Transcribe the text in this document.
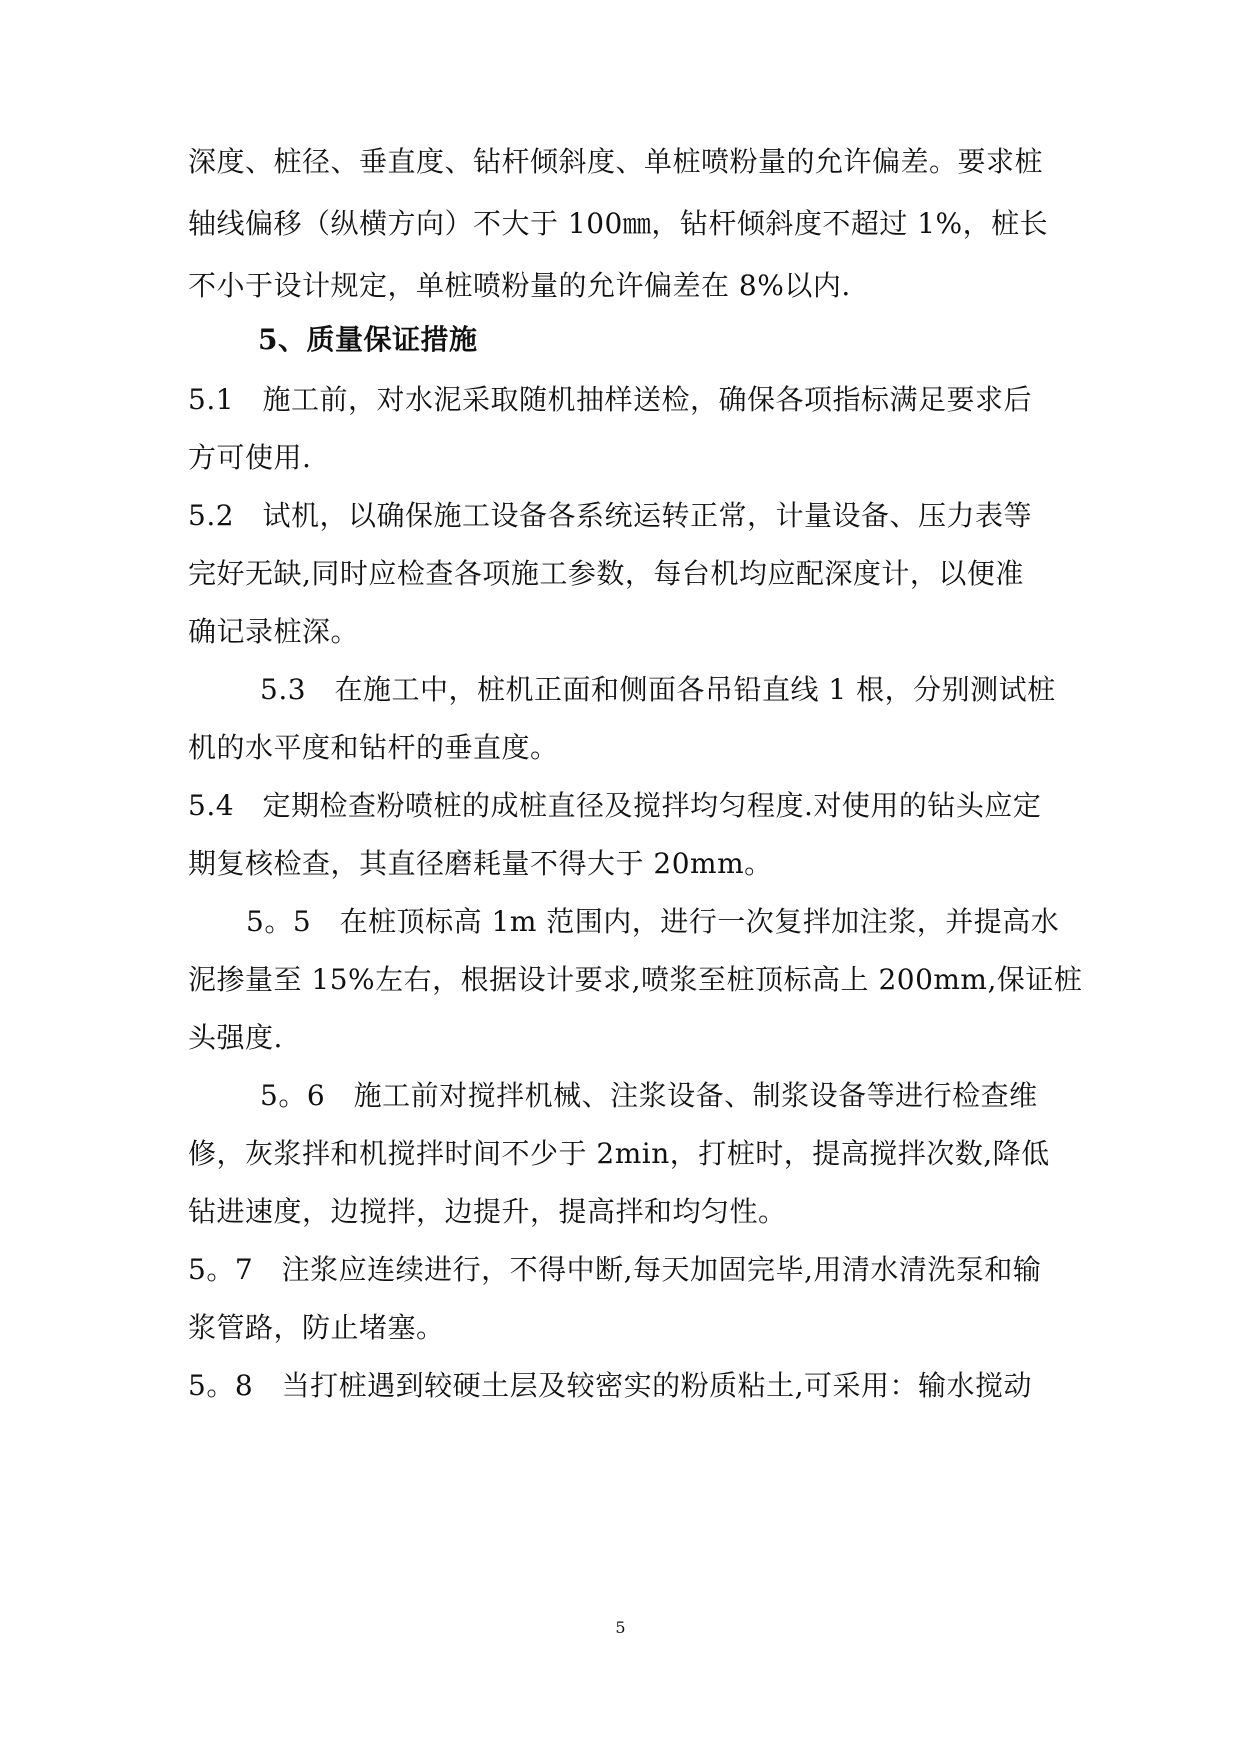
深度、桩径、垂直度、钻杆倾斜度、单桩喷粉量的允许偏差。要求桩
轴线偏移（纵横方向）不大于 100㎜，钻杆倾斜度不超过 1%，桩长
不小于设计规定，单桩喷粉量的允许偏差在 8%以内.
5、质量保证措施
5.1　施工前，对水泥采取随机抽样送检，确保各项指标满足要求后
方可使用.
5.2　试机，以确保施工设备各系统运转正常，计量设备、压力表等
完好无缺,同时应检查各项施工参数，每台机均应配深度计，以便准
确记录桩深。
5.3　在施工中，桩机正面和侧面各吊铅直线 1 根，分别测试桩
机的水平度和钻杆的垂直度。
5.4　定期检查粉喷桩的成桩直径及搅拌均匀程度.对使用的钻头应定
期复核检查，其直径磨耗量不得大于 20mm。
5。5　在桩顶标高 1m 范围内，进行一次复拌加注浆，并提高水
泥掺量至 15%左右，根据设计要求,喷浆至桩顶标高上 200mm,保证桩
头强度.
5。6　施工前对搅拌机械、注浆设备、制浆设备等进行检查维
修，灰浆拌和机搅拌时间不少于 2min，打桩时，提高搅拌次数,降低
钻进速度，边搅拌，边提升，提高拌和均匀性。
5。7　注浆应连续进行，不得中断,每天加固完毕,用清水清洗泵和输
浆管路，防止堵塞。
5。8　当打桩遇到较硬土层及较密实的粉质粘土,可采用：输水搅动
5
